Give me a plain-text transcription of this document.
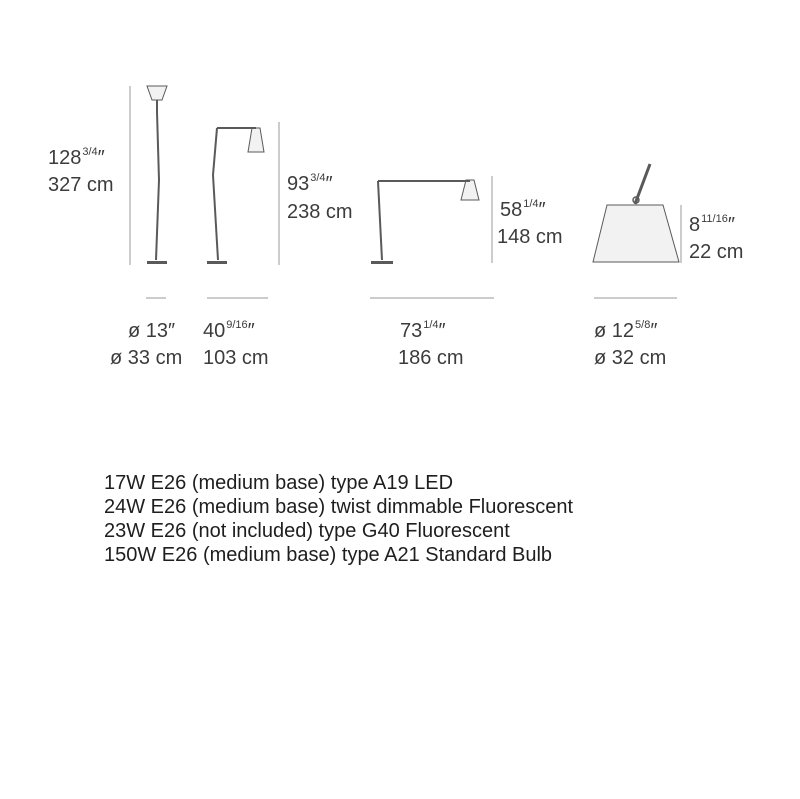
$128^{3/4}''$
327 cm
ø 13″
ø 33 cm
$93^{3/4}''$
238 cm
$40^{9/16}''$
103 cm
$58^{1/4}''$
148 cm
$73^{1/4}''$
186 cm
$8^{11/16}''$
22 cm
ø $12^{5/8}''$
ø 32 cm
17W E26 (medium base) type A19 LED
24W E26 (medium base) twist dimmable Fluorescent
23W E26 (not included) type G40 Fluorescent
150W E26 (medium base) type A21 Standard Bulb
